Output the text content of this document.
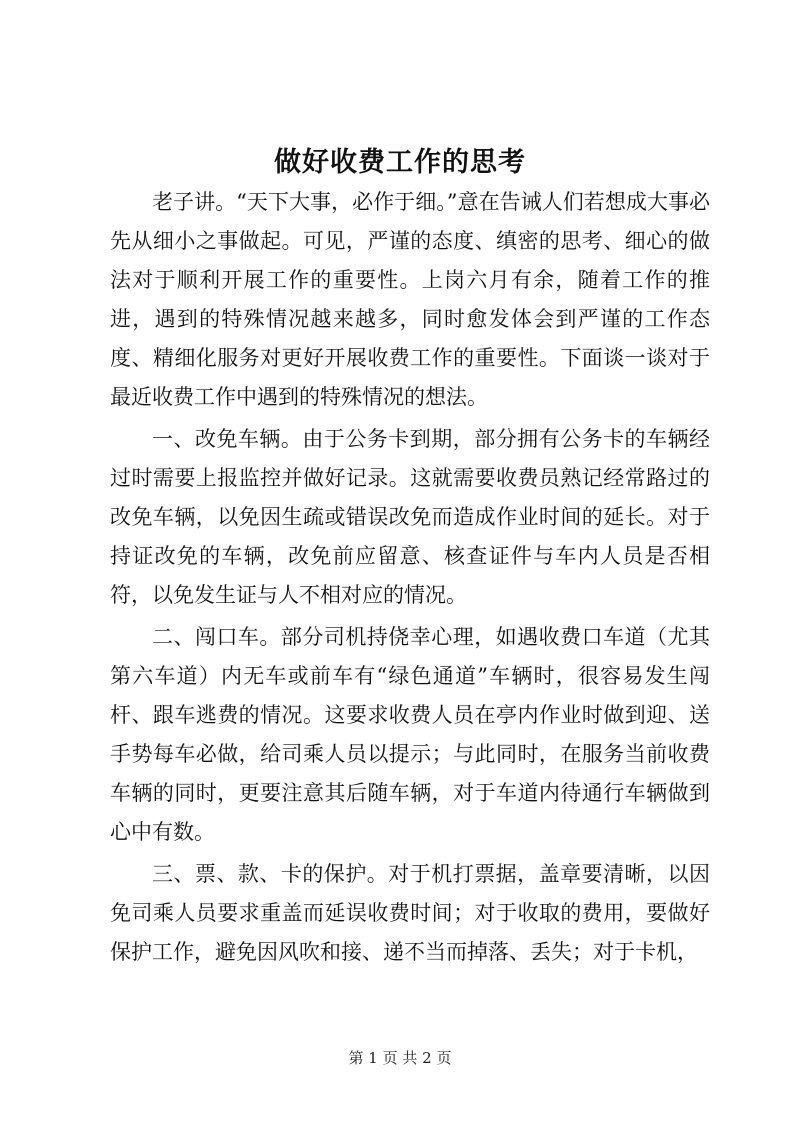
做好收费工作的思考

老子讲。“天下大事，必作于细。”意在告诫人们若想成大事必先从细小之事做起。可见，严谨的态度、缜密的思考、细心的做法对于顺利开展工作的重要性。上岗六月有余，随着工作的推进，遇到的特殊情况越来越多，同时愈发体会到严谨的工作态度、精细化服务对更好开展收费工作的重要性。下面谈一谈对于最近收费工作中遇到的特殊情况的想法。

一、改免车辆。由于公务卡到期，部分拥有公务卡的车辆经过时需要上报监控并做好记录。这就需要收费员熟记经常路过的改免车辆，以免因生疏或错误改免而造成作业时间的延长。对于持证改免的车辆，改免前应留意、核查证件与车内人员是否相符，以免发生证与人不相对应的情况。

二、闯口车。部分司机持侥幸心理，如遇收费口车道（尤其第六车道）内无车或前车有“绿色通道”车辆时，很容易发生闯杆、跟车逃费的情况。这要求收费人员在亭内作业时做到迎、送手势每车必做，给司乘人员以提示；与此同时，在服务当前收费车辆的同时，更要注意其后随车辆，对于车道内待通行车辆做到心中有数。

三、票、款、卡的保护。对于机打票据，盖章要清晰，以因免司乘人员要求重盖而延误收费时间；对于收取的费用，要做好保护工作，避免因风吹和接、递不当而掉落、丢失；对于卡机，

第 1 页 共 2 页
